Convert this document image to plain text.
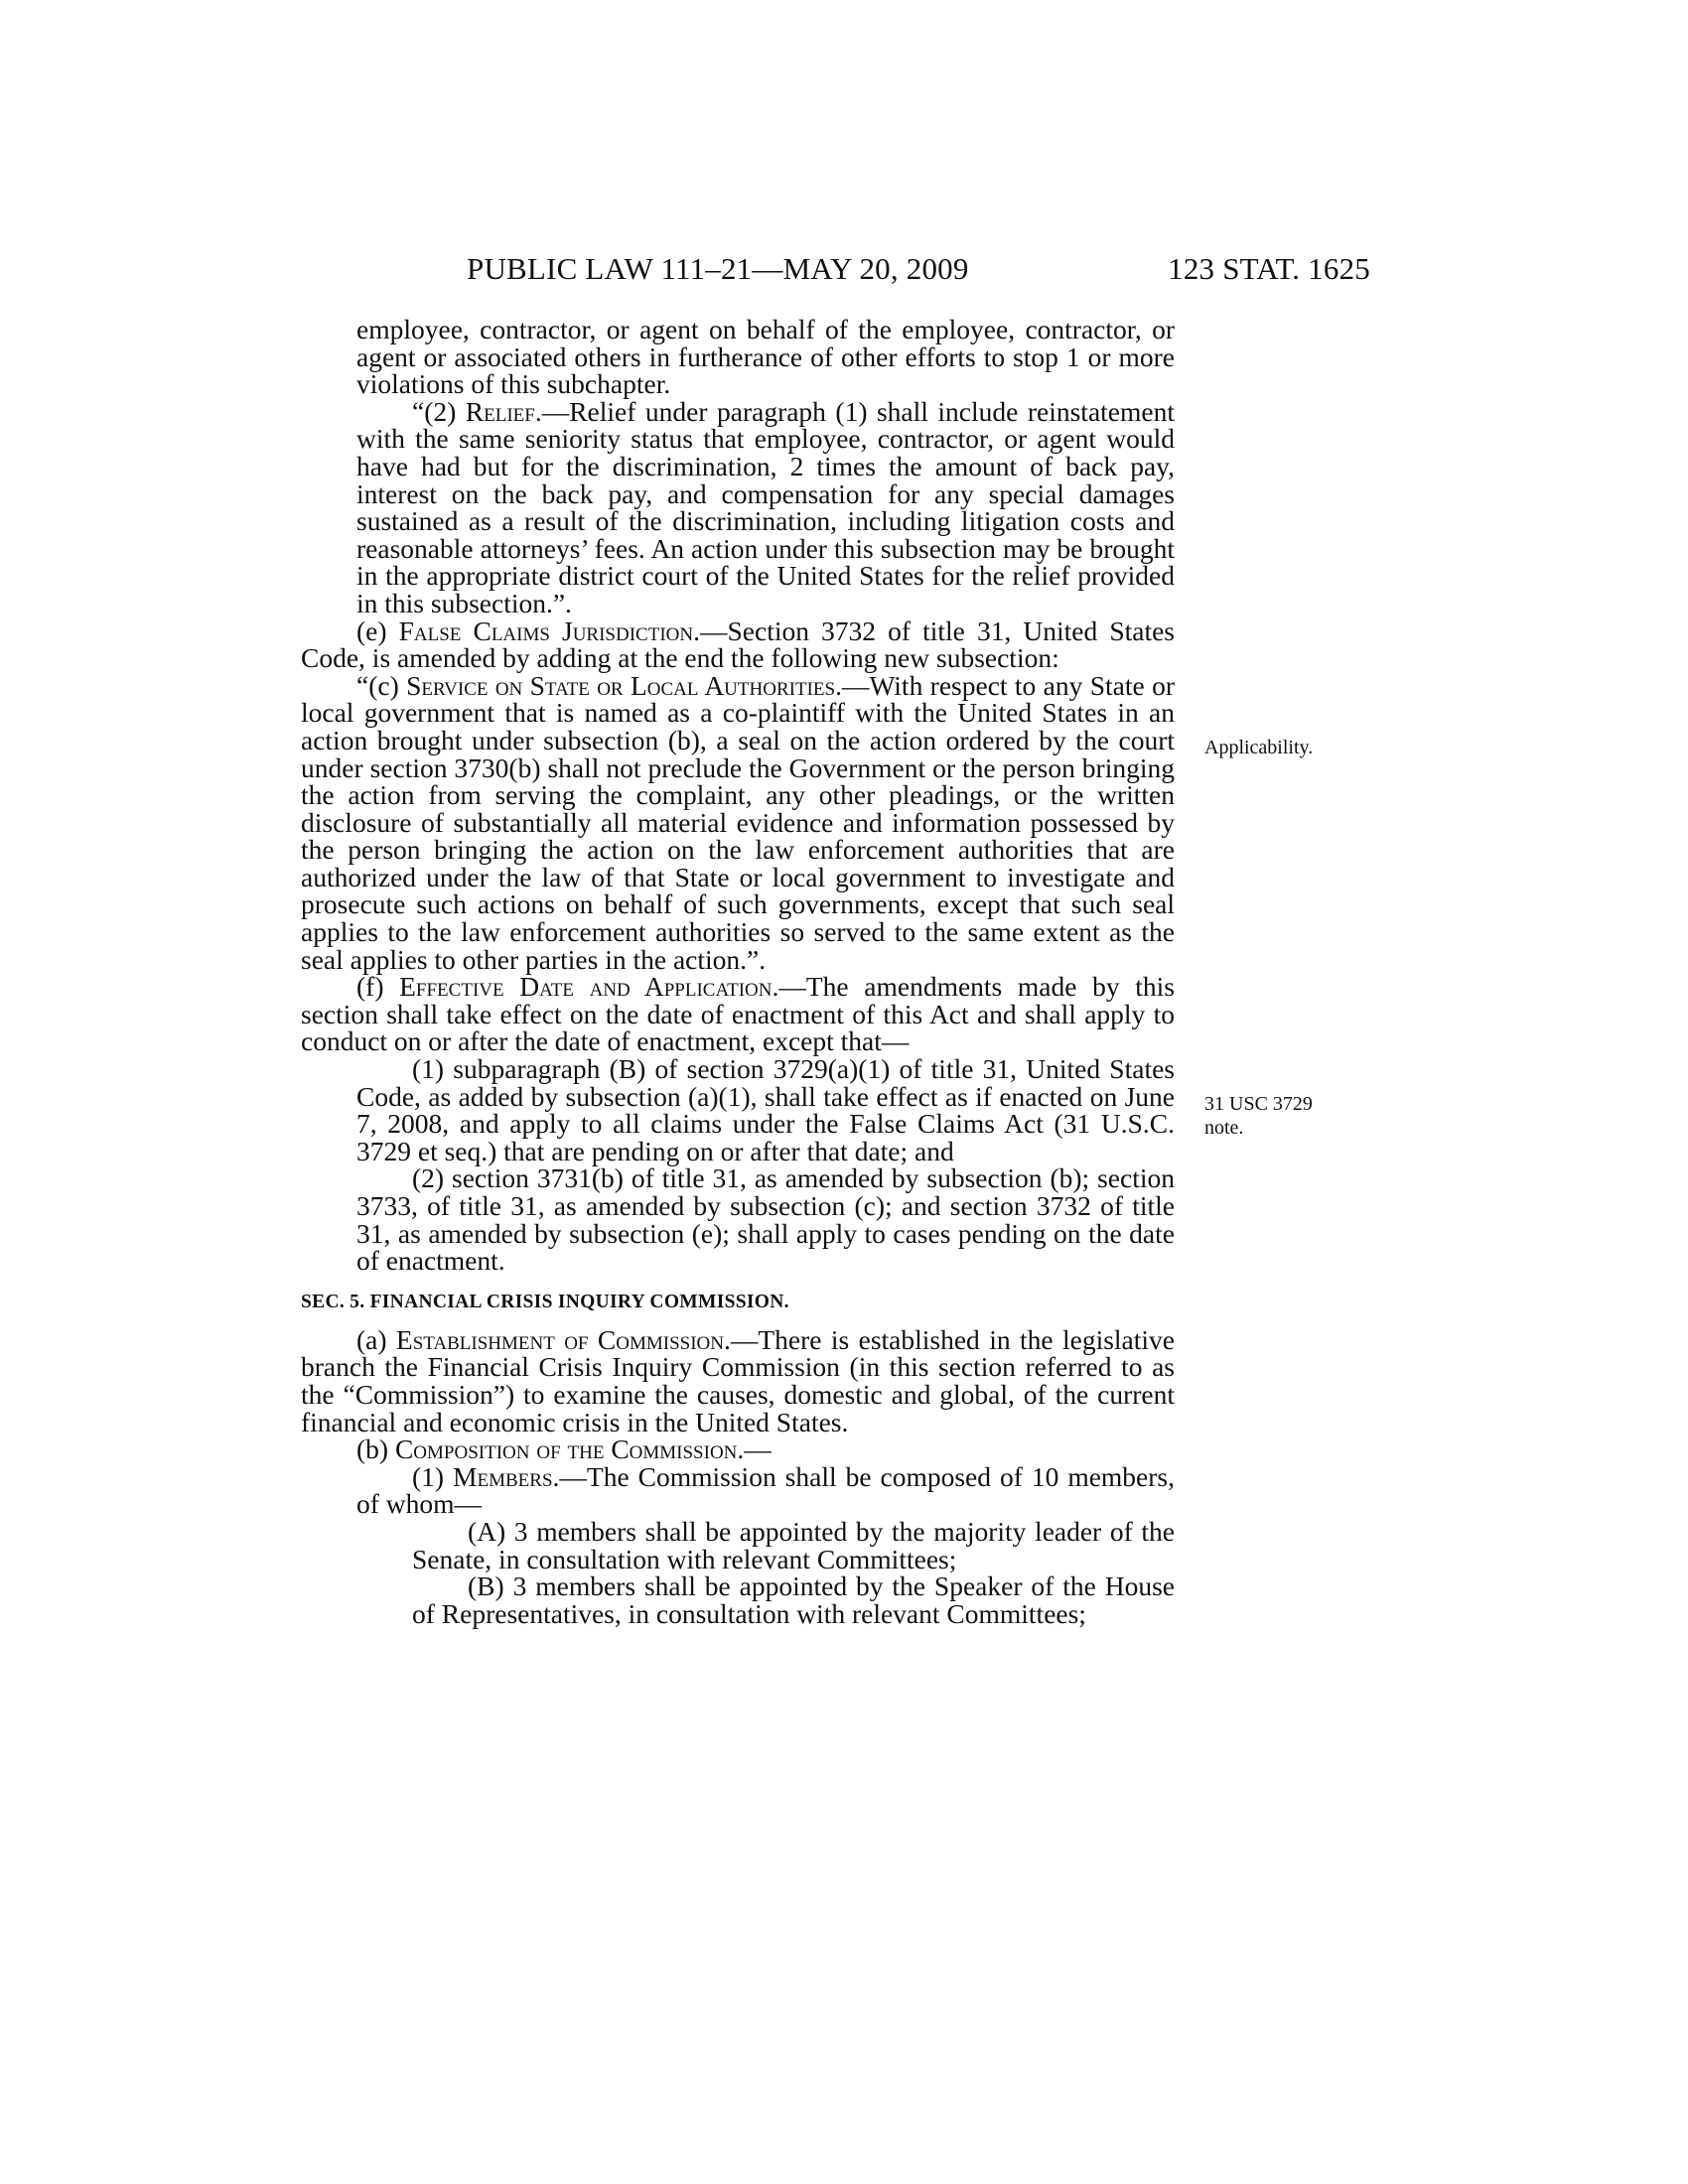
PUBLIC LAW 111–21—MAY 20, 2009	123 STAT. 1625
Applicability.
31 USC 3729
note.

employee, contractor, or agent on behalf of the employee, contractor, or agent or associated others in furtherance of other efforts to stop 1 or more violations of this subchapter.

“(2) Relief.—Relief under paragraph (1) shall include reinstatement with the same seniority status that employee, contractor, or agent would have had but for the discrimination, 2 times the amount of back pay, interest on the back pay, and compensation for any special damages sustained as a result of the discrimination, including litigation costs and reasonable attorneys’ fees. An action under this subsection may be brought in the appropriate district court of the United States for the relief provided in this subsection.”.

(e) False Claims Jurisdiction.—Section 3732 of title 31, United States Code, is amended by adding at the end the following new subsection:

“(c) Service on State or Local Authorities.—With respect to any State or local government that is named as a co-plaintiff with the United States in an action brought under subsection (b), a seal on the action ordered by the court under section 3730(b) shall not preclude the Government or the person bringing the action from serving the complaint, any other pleadings, or the written disclosure of substantially all material evidence and information possessed by the person bringing the action on the law enforcement authorities that are authorized under the law of that State or local government to investigate and prosecute such actions on behalf of such governments, except that such seal applies to the law enforcement authorities so served to the same extent as the seal applies to other parties in the action.”.

(f) Effective Date and Application.—The amendments made by this section shall take effect on the date of enactment of this Act and shall apply to conduct on or after the date of enactment, except that—

(1) subparagraph (B) of section 3729(a)(1) of title 31, United States Code, as added by subsection (a)(1), shall take effect as if enacted on June 7, 2008, and apply to all claims under the False Claims Act (31 U.S.C. 3729 et seq.) that are pending on or after that date; and

(2) section 3731(b) of title 31, as amended by subsection (b); section 3733, of title 31, as amended by subsection (c); and section 3732 of title 31, as amended by subsection (e); shall apply to cases pending on the date of enactment.

SEC. 5. FINANCIAL CRISIS INQUIRY COMMISSION.

(a) Establishment of Commission.—There is established in the legislative branch the Financial Crisis Inquiry Commission (in this section referred to as the “Commission”) to examine the causes, domestic and global, of the current financial and economic crisis in the United States.

(b) Composition of the Commission.—

(1) Members.—The Commission shall be composed of 10 members, of whom—

(A) 3 members shall be appointed by the majority leader of the Senate, in consultation with relevant Committees;

(B) 3 members shall be appointed by the Speaker of the House of Representatives, in consultation with relevant Committees;
